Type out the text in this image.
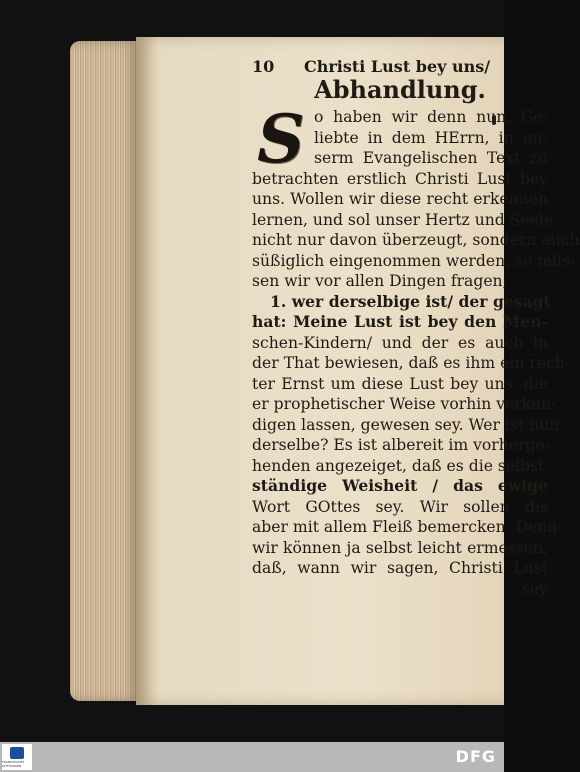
10 Christi Lust bey uns/
Abhandlung.
S o haben wir denn nun, Ge-
liebte in dem HErrn, in un-
serm Evangelischen Text zu
betrachten erstlich Christi Lust bey
uns. Wollen wir diese recht erkennen
lernen, und sol unser Hertz und Seele
nicht nur davon überzeugt, sondern auch
süßiglich eingenommen werden, so müs-
sen wir vor allen Dingen fragen,
1. wer derselbige ist/ der gesagt
hat: Meine Lust ist bey den Men-
schen-Kindern/ und der es auch in
der That bewiesen, daß es ihm ein rech-
ter Ernst um diese Lust bey uns, die
er prophetischer Weise vorhin verkün-
digen lassen, gewesen sey. Wer ist nun
derselbe? Es ist albereit im vorherge-
henden angezeiget, daß es die selbst-
ständige Weisheit / das ewige
Wort GOttes sey. Wir sollen dis
aber mit allem Fleiß bemercken. Denn
wir können ja selbst leicht ermessen,
daß, wann wir sagen, Christi Lust
sey
FRANCKESCHE STIFTUNGEN	DFG
